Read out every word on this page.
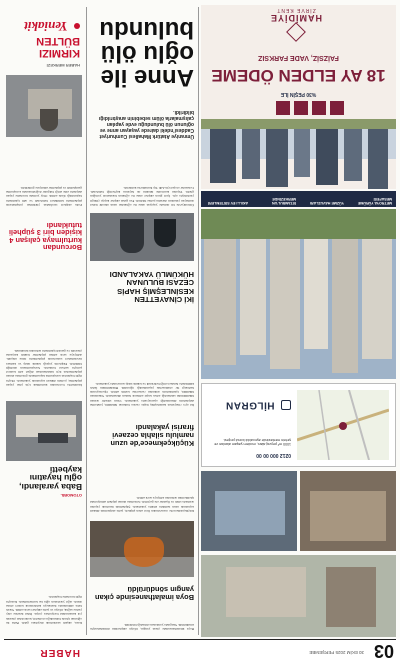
03
30 EKİM 2025 PERŞEMBE
HABER
Yeniakit
KIRMIZI BÜLTEN
HABER MERKEZİ
Polis ekipleri tarafından yürütülen çalışmalarda şüphelilerin kimlikleri belirlendi ve adli işlemlerin başlatıldığı ifade edildi. Olay yerinde inceleme yapan ekiplerin elde ettiği bulgular doğrultusunda soruşturma genişletildi ve şüpheliler emniyete götürüldü.
Borcundan kurtulmaya çalışan 4 kişiden biri 3 şüpheli tutuklandı
İstanbul'da borcundan kurtulmak için plan yapan şüpheliler, polisin dikkati sayesinde yakalandı. Olayla ilgili başlatılan soruşturma kapsamında gözaltına alınan şüphelilerden üçü tutuklanırken diğeri adli kontrol şartıyla serbest bırakıldı. Soruşturmanın sürdüğü bildirildi. Ekiplerin yaptığı teknik takip ve kamera incelemeleri sonucunda şüphelilerin izine ulaşıldı. Adliyeye sevk edilen şüpheliler hakim karşısına çıkarıldı ve gerekli işlemlerin ardından tutuklandı.
Baba yaralandı, oğlu hayatını kaybetti
OTOMOBİL
Kaza, akşam saatlerinde meydana geldi. Baba ile oğlunun içinde bulunduğu otomobil, kontrolden çıkarak yol kenarındaki bariyerlere çarptı. İhbar üzerine olay yerine sağlık, itfaiye ve polis ekipleri sevk edildi. Yaralı baba ambulansla hastaneye kaldırılarak tedavi altına alındı. Ağır yaralanan oğlu ise kurtarılamadı. Kazayla ilgili inceleme başlatıldı.
Anne ile oğlu ölü bulundu
Ümraniye Atatürk Mahallesi Cumhuriyet Caddesi'ndeki dairede yaşayan anne ve oğlunun ölü bulunduğu evde yapılan çalışmalarla ölüm sebebinin araştırıldığı bildirildi.
Ümraniye'de bir dairede yaşayan anne ile oğlundan uzun süredir haber alamayan yakınları durumu polise bildirdi. Eve gelen ekipler kapıyı çilingir yardımıyla açtı. İçeri giren ekipler anne ile oğlunun hareketsiz yattığını gördü. Yapılan kontrolde ikisinin de hayatını kaybettiği belirlendi. Cenazeler otopsi için Adli Tıp Kurumu'na kaldırıldı.
İKİ CİNAYETTEN KESİNLEŞMİŞ HAPİS CEZASI BULUNAN HÜKÜMLÜ YAKALANDI
İki ayrı cinayetten kesinleşmiş hapis cezası bulunan hükümlü, jandarma ekiplerinin düzenlediği operasyonla yakalandı. Uzun süredir aranan hükümlünün saklandığı adres tespit edilerek baskın düzenlendi. Yakalanan hükümlü, işlemlerinin ardından cezaevine teslim edildi. Operasyonda herhangi bir olumsuzluk yaşanmadığı öğrenildi. Hükümlünün farklı kimliklerle hareket ettiği belirlendi ve teknik takip sonucunda yakalandı.
Küçükçekmece'de uzun namlulu silahla cezaevi firarisi yakalandı
Küçükçekmece'de cezaevinden firar eden şüpheli, polis ekiplerinin dikkati sayesinde uzun namlulu silahla yakalandı. Şüphelinin üzerinde yapılan aramada silah ve fişekler ele geçirildi. Gözaltına alınan şüpheli emniyetteki işlemlerinin ardından adliyeye sevk edildi.
Boya imalathanesinde çıkan yangın söndürüldü
Boya imalathanesinde çıkan yangın, itfaiye ekiplerinin müdahalesiyle söndürüldü. Yangında yaralanan olmadığı bildirildi.
HAMİDİYE
ZİRVE KENT
FAİZSİZ, VADE FARKSIZ
18 AY ELDEN ÖDEME
%30 PEŞİN İLE
METROYA YÜRÜME MESAFESİ
YÜZME HAVUZLARI
İSTANBUL'UN MERKEZİNDE
AKILLI EV SİSTEMLERİ
HİLGRAN
1000 m² peyzaj alanı, modern yaşam alanları ve şehrin merkezinde ayrıcalıklı konut projesi.
0212 000 00 00
